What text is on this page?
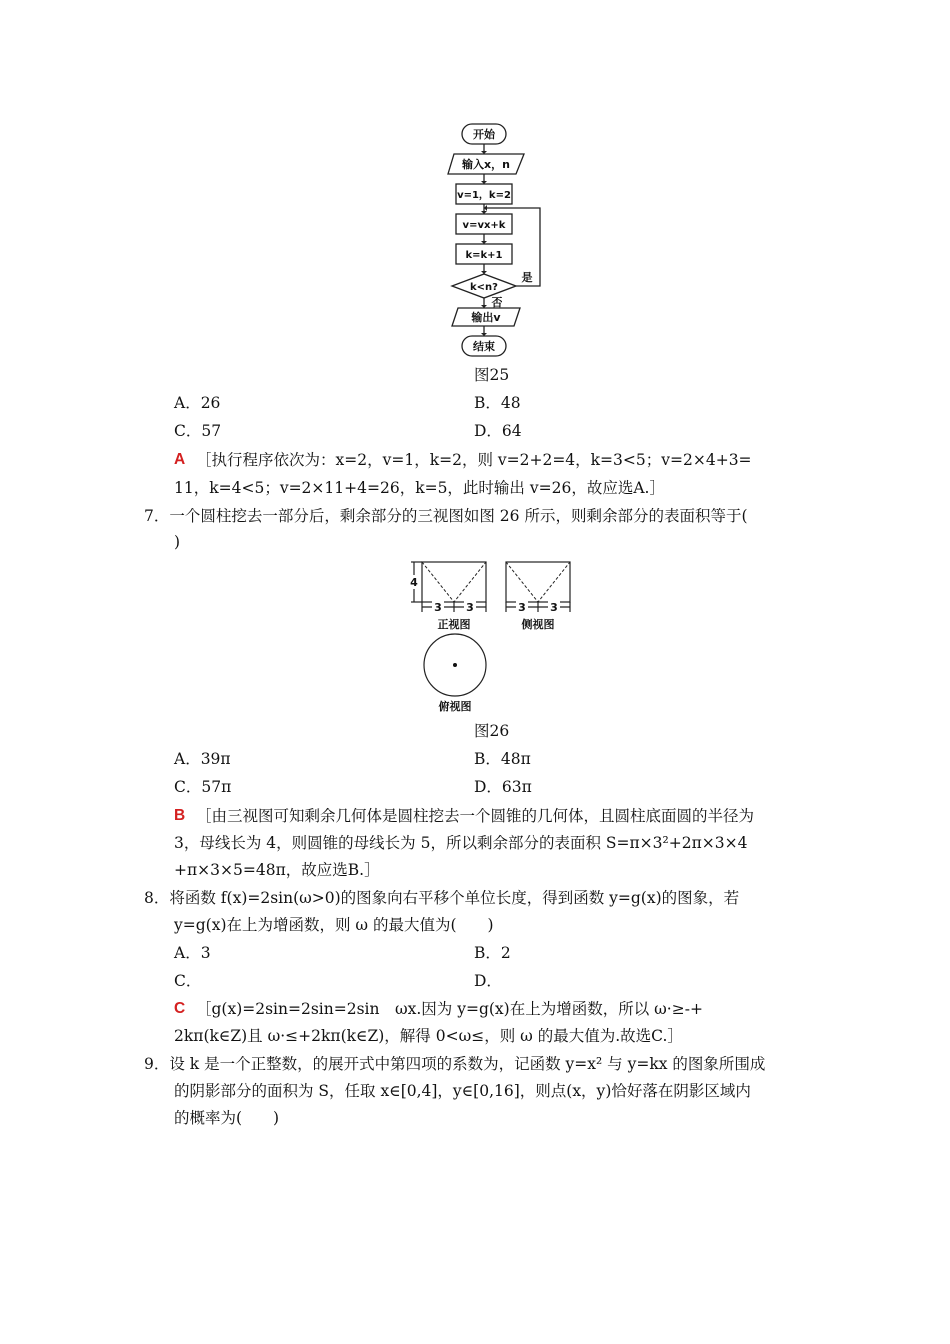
开始
输入x，n
v=1，k=2
v=vx+k
k=k+1
k<n?
是
否
输出v
结束
图25
A．26	B．48
C．57	D．64
A ［执行程序依次为：x=2，v=1，k=2，则 v=2+2=4，k=3<5；v=2×4+3=
11，k=4<5；v=2×11+4=26，k=5，此时输出 v=26，故应选A.］
7．一个圆柱挖去一部分后，剩余部分的三视图如图 26 所示，则剩余部分的表面积等于(
)
4
3 3	3 3
正视图	侧视图
俯视图
图26
A．39π	B．48π
C．57π	D．63π
B ［由三视图可知剩余几何体是圆柱挖去一个圆锥的几何体，且圆柱底面圆的半径为
3，母线长为 4，则圆锥的母线长为 5，所以剩余部分的表面积 S=π×3²+2π×3×4
+π×3×5=48π，故应选B.］
8．将函数 f(x)=2sin(ω>0)的图象向右平移个单位长度，得到函数 y=g(x)的图象，若
y=g(x)在上为增函数，则 ω 的最大值为(　　)
A．3	B．2
C．	D．
C ［g(x)=2sin=2sin=2sin　ωx.因为 y=g(x)在上为增函数，所以 ω·≥-+
2kπ(k∈Z)且 ω·≤+2kπ(k∈Z)，解得 0<ω≤，则 ω 的最大值为.故选C.］
9．设 k 是一个正整数，的展开式中第四项的系数为，记函数 y=x² 与 y=kx 的图象所围成
的阴影部分的面积为 S，任取 x∈[0,4]，y∈[0,16]，则点(x，y)恰好落在阴影区域内
的概率为(　　)
